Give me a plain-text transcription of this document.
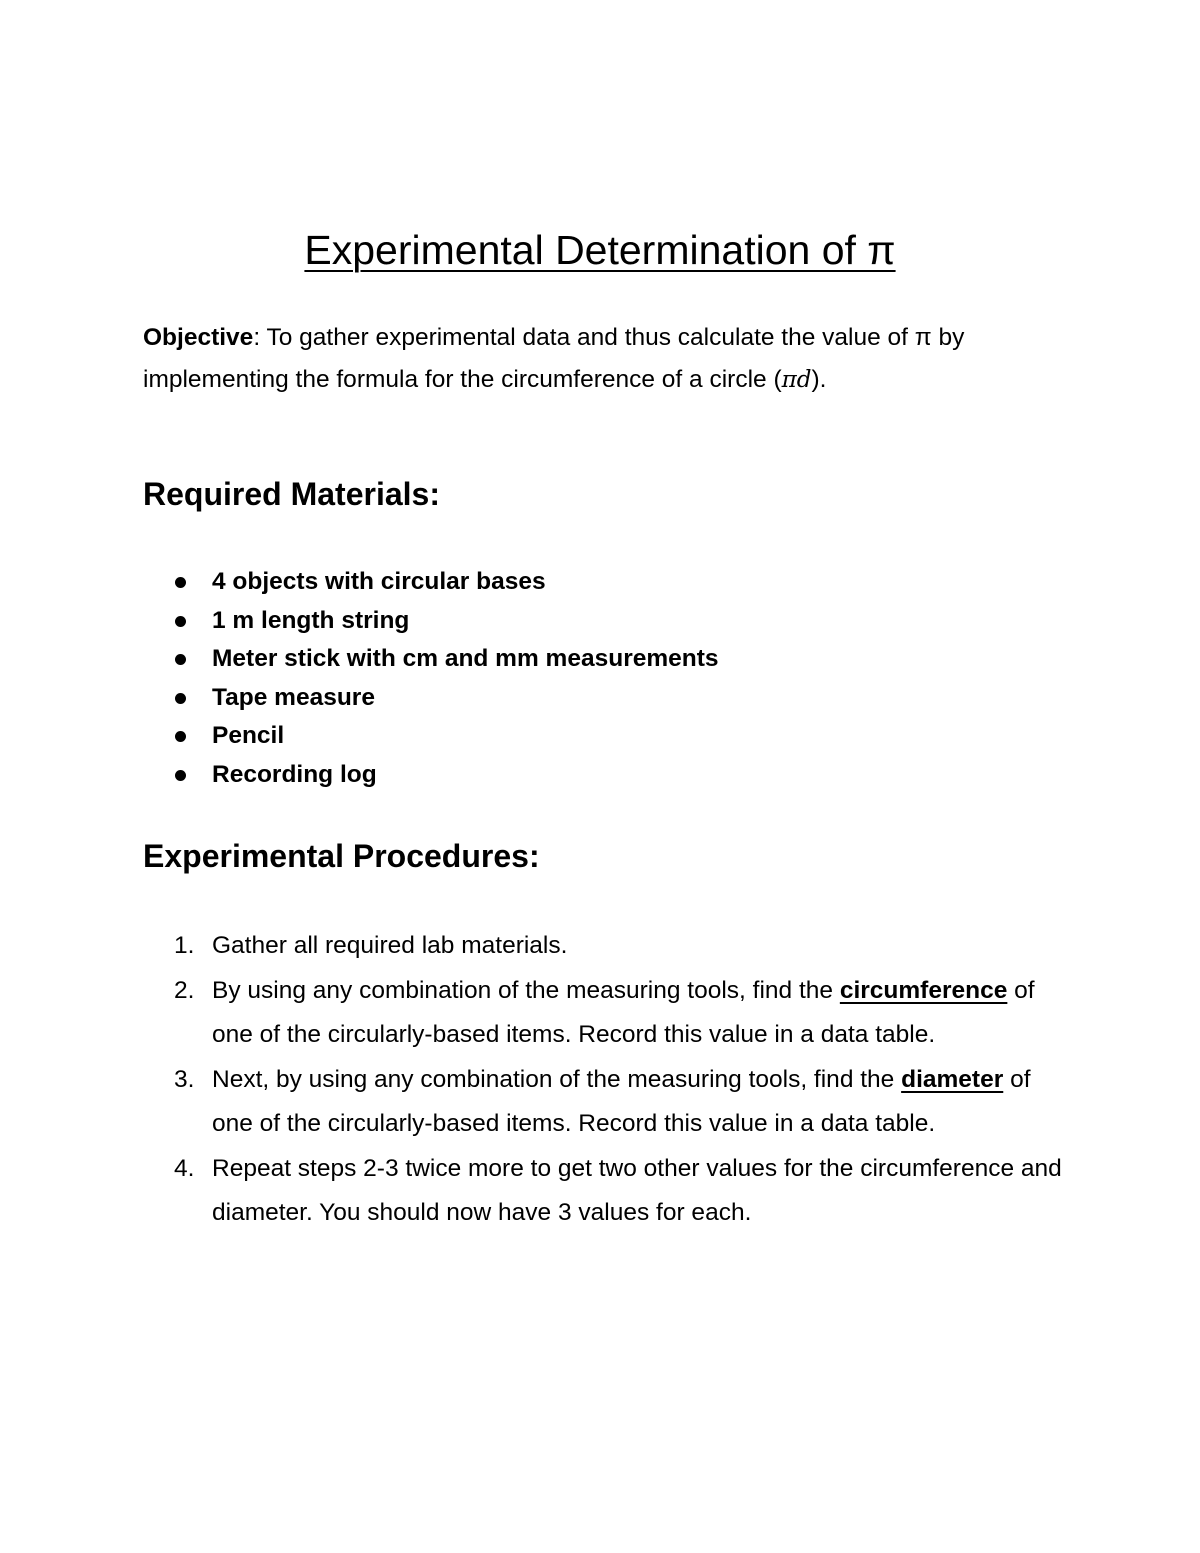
Experimental Determination of π
Objective: To gather experimental data and thus calculate the value of π by implementing the formula for the circumference of a circle (πd).
Required Materials:
4 objects with circular bases
1 m length string
Meter stick with cm and mm measurements
Tape measure
Pencil
Recording log
Experimental Procedures:
1. Gather all required lab materials.
2. By using any combination of the measuring tools, find the circumference of one of the circularly-based items. Record this value in a data table.
3. Next, by using any combination of the measuring tools, find the diameter of one of the circularly-based items. Record this value in a data table.
4. Repeat steps 2-3 twice more to get two other values for the circumference and diameter. You should now have 3 values for each.
